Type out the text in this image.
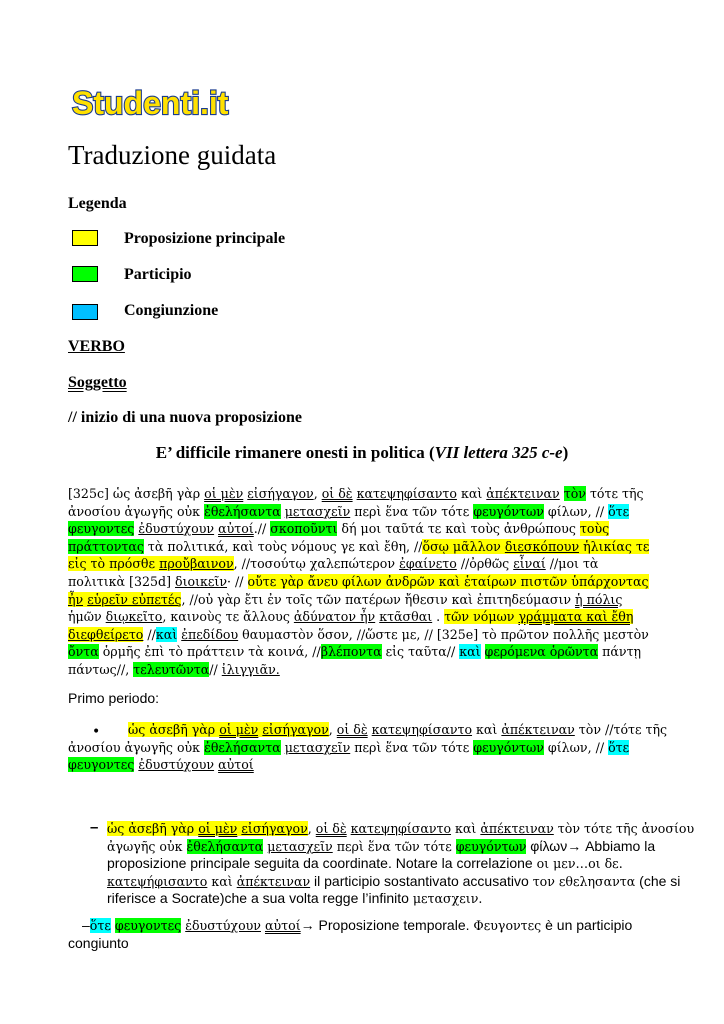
Studenti.it
Traduzione guidata
Legenda
Proposizione principale
Participio
Congiunzione
VERBO
Soggetto
// inizio di una nuova proposizione
E’ difficile rimanere onesti in politica (VII lettera 325 c-e)
[325c] ὡς ἀσεβῆ γὰρ οἱ μὲν εἰσήγαγον, οἱ δὲ κατεψηφίσαντο καὶ ἀπέκτειναν τὸν τότε τῆς
ἀνοσίου ἀγωγῆς οὐκ ἐθελήσαντα μετασχεῖν περὶ ἕνα τῶν τότε φευγόντων φίλων, // ὅτε
φευγοντες ἐδυστύχουν αὐτοί.// σκοποῦντι δή μοι ταῦτά τε καὶ τοὺς ἀνθρώπους τοὺς
πράττοντας τὰ πολιτικά, καὶ τοὺς νόμους γε καὶ ἔθη, //ὅσῳ μᾶλλον διεσκόπουν ἡλικίας τε
εἰς τὸ πρόσθε προὔβαινον, //τοσούτῳ χαλεπώτερον ἐφαίνετο //ὀρθῶς εἶναί //μοι τὰ
πολιτικὰ [325d] διοικεῖν· // οὔτε γὰρ ἄνευ φίλων ἀνδρῶν καὶ ἑταίρων πιστῶν ὑπάρχοντας
ἦν εὑρεῖν εὐπετές, //οὐ γὰρ ἔτι ἐν τοῖς τῶν πατέρων ἤθεσιν καὶ ἐπιτηδεύμασιν ἡ πόλις
ἡμῶν διῳκεῖτο, καινοὺς τε ἄλλους ἀδύνατον ἦν κτᾶσθαι . τῶν νόμων γράμματα καὶ ἔθη
διεφθείρετο //καὶ ἐπεδίδου θαυμαστὸν ὅσον, //ὥστε με, // [325e] τὸ πρῶτον πολλῆς μεστὸν
ὄντα ὁρμῆς ἐπὶ τὸ πράττειν τὰ κοινά, //βλέποντα εἰς ταῦτα// καὶ φερόμενα ὁρῶντα πάντῃ
πάντως//, τελευτῶντα// ἰλιγγιᾶν.
Primo periodo:
•	ὡς ἀσεβῆ γὰρ οἱ μὲν εἰσήγαγον, οἱ δὲ κατεψηφίσαντο καὶ ἀπέκτειναν τὸν //τότε τῆς
ἀνοσίου ἀγωγῆς οὐκ ἐθελήσαντα μετασχεῖν περὶ ἕνα τῶν τότε φευγόντων φίλων, // ὅτε
φευγοντες ἐδυστύχουν αὐτοί
– ὡς ἀσεβῆ γὰρ οἱ μὲν εἰσήγαγον, οἱ δὲ κατεψηφίσαντο καὶ ἀπέκτειναν τὸν τότε τῆς ἀνοσίου
ἀγωγῆς οὐκ ἐθελήσαντα μετασχεῖν περὶ ἕνα τῶν τότε φευγόντων φίλων→ Abbiamo la
proposizione principale seguita da coordinate. Notare la correlazione οι μεν…οι δε.
κατεψήφισαντο καὶ ἀπέκτειναν il participio sostantivato accusativo τον εθελησαντα (che si
riferisce a Socrate)che a sua volta regge l’infinito μετασχειν.
–ὅτε φευγοντες ἐδυστύχουν αὐτοί→ Proposizione temporale. Φευγοντες è un participio
congiunto
